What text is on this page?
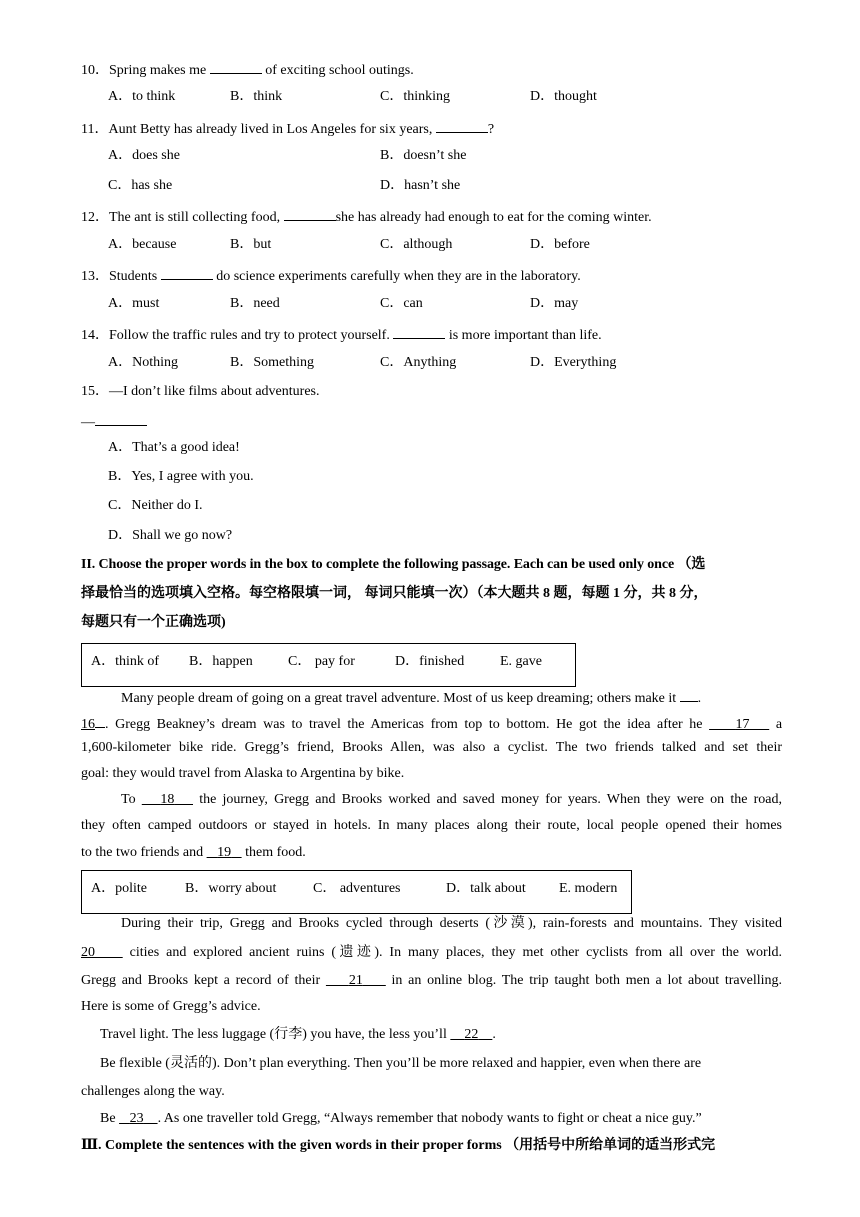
10．Spring makes me	of exciting school outings.
A．to think	B．think	C．thinking	D．thought
11．Aunt Betty has already lived in Los Angeles for six years,	?
A．does she	B．doesn’t she
C．has she	D．hasn’t she
12．The ant is still collecting food,	she has already had enough to eat for the coming winter.
A．because	B．but	C．although	D．before
13．Students	do science experiments carefully when they are in the laboratory.
A．must	B．need	C．can	D．may
14．Follow the traffic rules and try to protect yourself.	is more important than life.
A．Nothing	B．Something	C．Anything	D．Everything
15．—I don’t like films about adventures.
—
A．That’s a good idea!
B．Yes, I agree with you.
C．Neither do I.
D．Shall we go now?
II. Choose the proper words in the box to complete the following passage. Each can be used only once （选
择最恰当的选项填入空格。每空格限填一词， 每词只能填一次）（本大题共 8 题，每题 1 分，共 8 分，
每题只有一个正确选项)
A．think of B．happen	C． pay for	D．finished	E. gave
Many people dream of going on a great travel adventure. Most of us keep dreaming; others make it .
16 . Gregg Beakney’s dream was to travel the Americas from top to bottom. He got the idea after he 17 a
1,600-kilometer bike ride. Gregg’s friend, Brooks Allen, was also a cyclist. The two friends talked and set their
goal: they would travel from Alaska to Argentina by bike.
To 18 the journey, Gregg and Brooks worked and saved money for years. When they were on the road,
they often camped outdoors or stayed in hotels. In many places along their route, local people opened their homes
to the two friends and 19 them food.
A．polite	B．worry about	C． adventures	D．talk about E. modern
During their trip, Gregg and Brooks cycled through deserts (沙漠), rain-forests and mountains. They visited
20 cities and explored ancient ruins (遗迹). In many places, they met other cyclists from all over the world.
Gregg and Brooks kept a record of their 21 in an online blog. The trip taught both men a lot about travelling.
Here is some of Gregg’s advice.
Travel light. The less luggage (行李) you have, the less you’ll 22 .
Be flexible (灵活的). Don’t plan everything. Then you’ll be more relaxed and happier, even when there are
challenges along the way.
Be 23 . As one traveller told Gregg, “Always remember that nobody wants to fight or cheat a nice guy.”
Ⅲ. Complete the sentences with the given words in their proper forms （用括号中所给单词的适当形式完
